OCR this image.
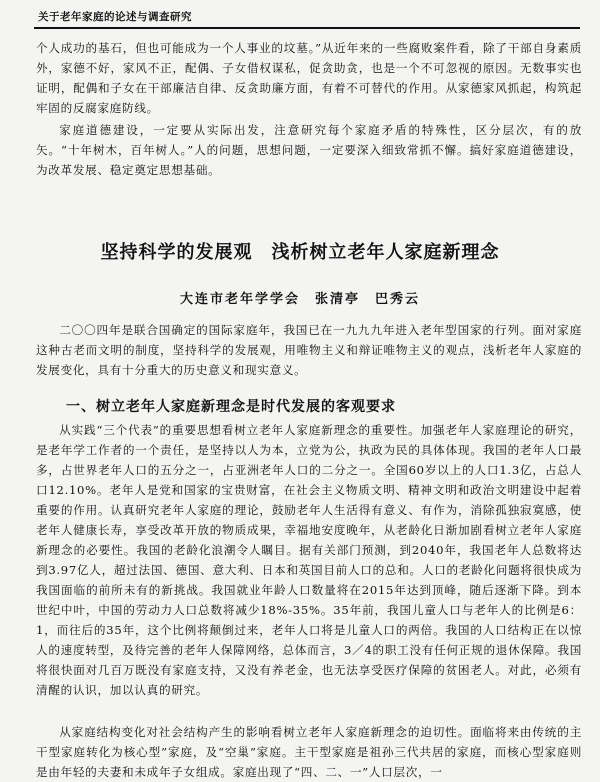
关于老年家庭的论述与调查研究

个人成功的基石，但也可能成为一个人事业的坟墓。”从近年来的一些腐败案件看，除了干部自身素质外，家德不好，家风不正，配偶、子女借权谋私，促贪助贪，也是一个不可忽视的原因。无数事实也证明，配偶和子女在干部廉洁自律、反贪助廉方面，有着不可替代的作用。从家德家风抓起，构筑起牢固的反腐家庭防线。

家庭道德建设，一定要从实际出发，注意研究每个家庭矛盾的特殊性，区分层次，有的放矢。“十年树木，百年树人。”人的问题，思想问题，一定要深入细致常抓不懈。搞好家庭道德建设，为改革发展、稳定奠定思想基础。

坚持科学的发展观　浅析树立老年人家庭新理念
大连市老年学学会　张清亭　巴秀云

二〇〇四年是联合国确定的国际家庭年，我国已在一九九九年进入老年型国家的行列。面对家庭这种古老而文明的制度，坚持科学的发展观，用唯物主义和辩证唯物主义的观点，浅析老年人家庭的发展变化，具有十分重大的历史意义和现实意义。

一、树立老年人家庭新理念是时代发展的客观要求

从实践“三个代表”的重要思想看树立老年人家庭新理念的重要性。加强老年人家庭理论的研究，是老年学工作者的一个责任，是坚持以人为本，立党为公，执政为民的具体体现。我国的老年人口最多，占世界老年人口的五分之一，占亚洲老年人口的二分之一。全国60岁以上的人口1.3亿，占总人口12.10%。老年人是党和国家的宝贵财富，在社会主义物质文明、精神文明和政治文明建设中起着重要的作用。认真研究老年人家庭的理论，鼓励老年人生活得有意义、有作为，消除孤独寂寞感，使老年人健康长寿，享受改革开放的物质成果，幸福地安度晚年，从老龄化日渐加剧看树立老年人家庭新理念的必要性。我国的老龄化浪潮令人瞩目。据有关部门预测，到2040年，我国老年人总数将达到3.97亿人，超过法国、德国、意大利、日本和英国目前人口的总和。人口的老龄化问题将很快成为我国面临的前所未有的新挑战。我国就业年龄人口数量将在2015年达到顶峰，随后逐渐下降。到本世纪中叶，中国的劳动力人口总数将减少18%-35%。35年前，我国儿童人口与老年人的比例是6：1，而往后的35年，这个比例将颠倒过来，老年人口将是儿童人口的两倍。我国的人口结构正在以惊人的速度转型，及待完善的老年人保障网络，总体而言，3／4的职工没有任何正规的退休保障。我国将很快面对几百万既没有家庭支持，又没有养老金，也无法享受医疗保障的贫困老人。对此，必须有清醒的认识，加以认真的研究。

从家庭结构变化对社会结构产生的影响看树立老年人家庭新理念的迫切性。面临将来由传统的主干型家庭转化为核心型”家庭，及“空巢”家庭。主干型家庭是祖孙三代共居的家庭，而核心型家庭则是由年轻的夫妻和未成年子女组成。家庭出现了“四、二、一”人口层次，一
